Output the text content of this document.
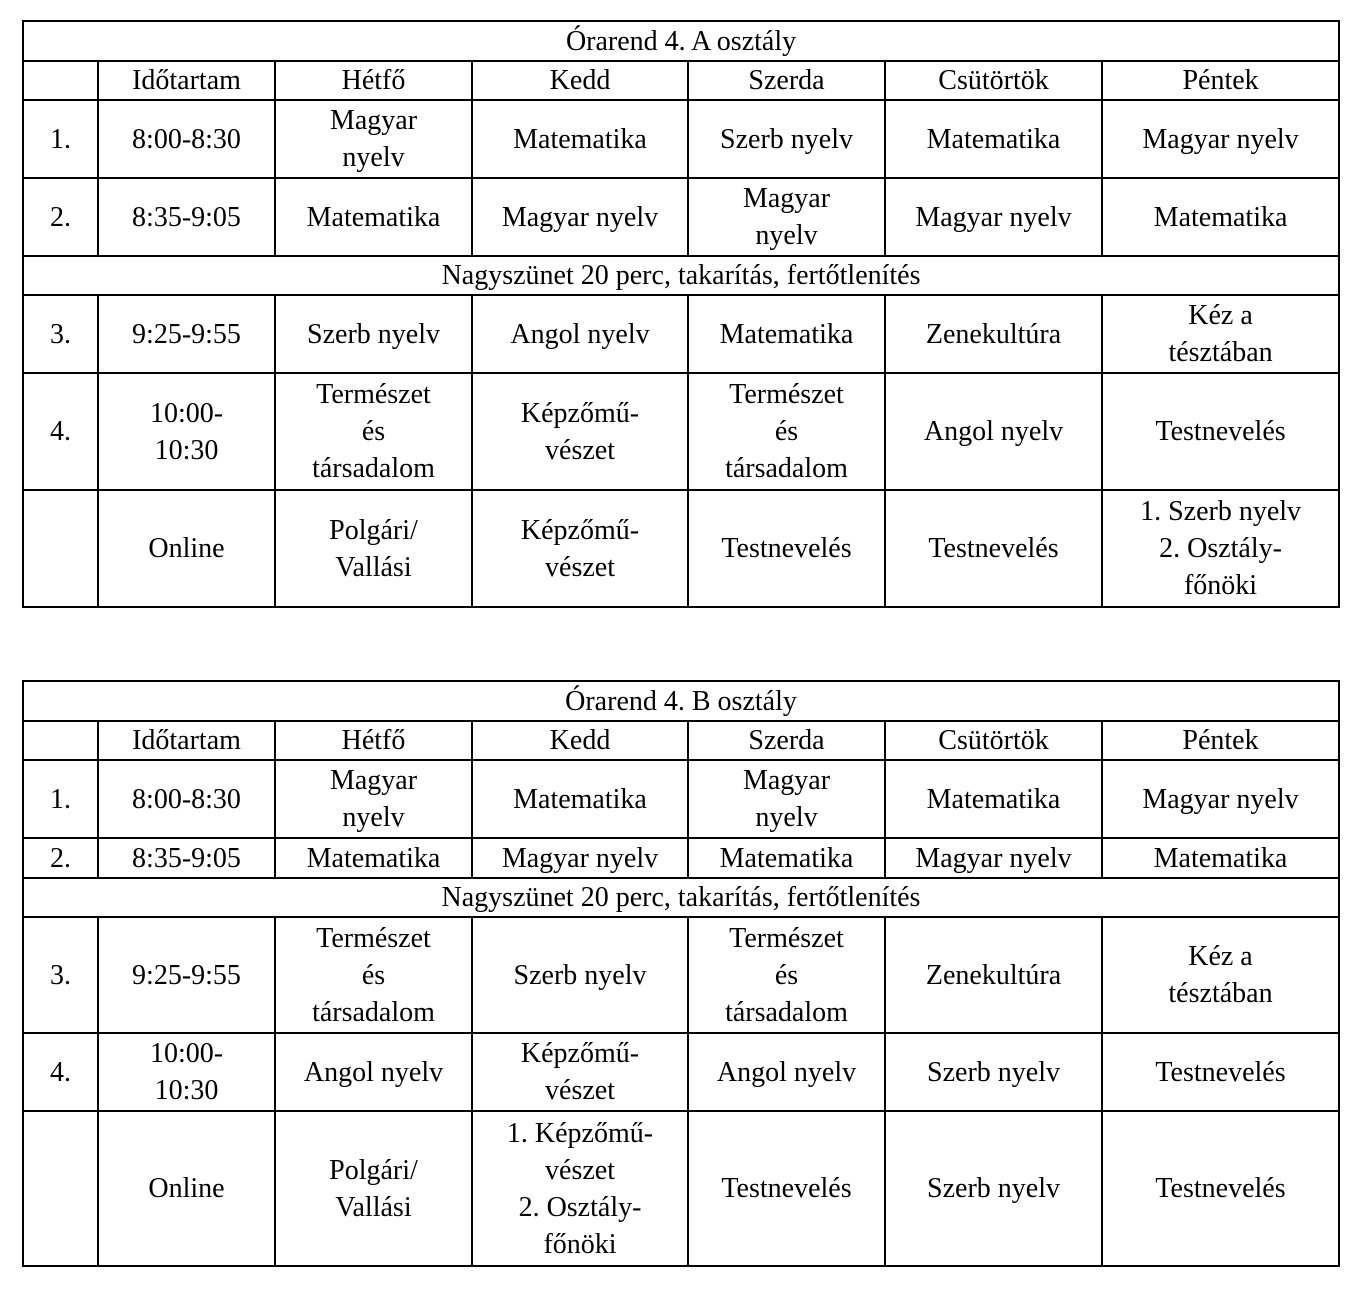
Órarend 4. A osztály						
	Időtartam	Hétfő	Kedd	Szerda	Csütörtök	Péntek
1.	8:00-8:30	Magyar
nyelv	Matematika	Szerb nyelv	Matematika	Magyar nyelv
2.	8:35-9:05	Matematika	Magyar nyelv	Magyar
nyelv	Magyar nyelv	Matematika
Nagyszünet 20 perc, takarítás, fertőtlenítés						
3.	9:25-9:55	Szerb nyelv	Angol nyelv	Matematika	Zenekultúra	Kéz a
tésztában
4.	10:00-
10:30	Természet
és
társadalom	Képzőmű-
vészet	Természet
és
társadalom	Angol nyelv	Testnevelés
	Online	Polgári/
Vallási	Képzőmű-
vészet	Testnevelés	Testnevelés	1. Szerb nyelv
2. Osztály-
főnöki
Órarend 4. B osztály						
	Időtartam	Hétfő	Kedd	Szerda	Csütörtök	Péntek
1.	8:00-8:30	Magyar
nyelv	Matematika	Magyar
nyelv	Matematika	Magyar nyelv
2.	8:35-9:05	Matematika	Magyar nyelv	Matematika	Magyar nyelv	Matematika
Nagyszünet 20 perc, takarítás, fertőtlenítés						
3.	9:25-9:55	Természet
és
társadalom	Szerb nyelv	Természet
és
társadalom	Zenekultúra	Kéz a
tésztában
4.	10:00-
10:30	Angol nyelv	Képzőmű-
vészet	Angol nyelv	Szerb nyelv	Testnevelés
	Online	Polgári/
Vallási	1. Képzőmű-
vészet
2. Osztály-
főnöki	Testnevelés	Szerb nyelv	Testnevelés
